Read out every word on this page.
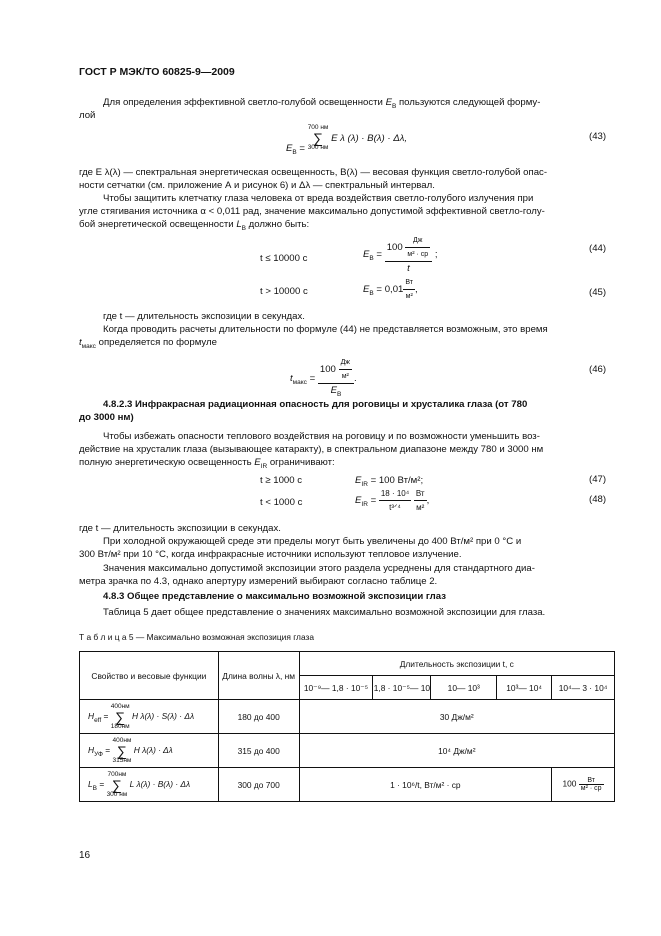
ГОСТ Р МЭК/ТО 60825-9—2009
Для определения эффективной светло-голубой освещенности $E_B$ пользуются следующей форму-
лой
$E_B$ =
700 нм
∑
300 нм
E λ (λ) · B(λ) · Δλ,	(43)
где E λ(λ) — спектральная энергетическая освещенность, B(λ) — весовая функция светло-голубой опас-
ности сетчатки (см. приложение А и рисунок 6) и Δλ — спектральный интервал.
Чтобы защитить клетчатку глаза человека от вреда воздействия светло-голубого излучения при
угле стягивания источника α < 0,011 рад, значение максимально допустимой эффективной светло-голу-
бой энергетической освещенности $L_B$ должно быть:
t ≤ 10000 с	$E_B = \frac{100 \frac{Дж}{\text{м² · ср}}}{t}$ ;
(44)
t > 10000 с	$E_B = 0,01 \frac{Вт}{\text{м²}}$ ,	(45)
где t — длительность экспозиции в секундах.
Когда проводить расчеты длительности по формуле (44) не представляется возможным, это время
$t_{макс}$ определяется по формуле
$t_{макс} = \frac{100 \frac{Дж}{\text{м²}}}{E_B}$ .
(46)
4.8.2.3 Инфракрасная радиационная опасность для роговицы и хрусталика глаза (от 780
до 3000 нм)
Чтобы избежать опасности теплового воздействия на роговицу и по возможности уменьшить воз-
действие на хрусталик глаза (вызывающее катаракту), в спектральном диапазоне между 780 и 3000 нм
полную энергетическую освещенность $E_{IR}$ ограничивают:
t ≥ 1000 с	$E_{IR} = 100$ Вт/м²;	(47)
t < 1000 с	$E_{IR} = \frac{\text{18 · 10⁴}}{\text{t³ᐟ⁴}}$
$\frac{Вт}{\text{м²}}$ ,	(48)
где t — длительность экспозиции в секундах.
При холодной окружающей среде эти пределы могут быть увеличены до 400 Вт/м² при 0 °С и
300 Вт/м² при 10 °С, когда инфракрасные источники используют тепловое излучение.
Значения максимально допустимой экспозиции этого раздела усреднены для стандартного диа-
метра зрачка по 4.3, однако апертуру измерений выбирают согласно таблице 2.
4.8.3 Общее представление о максимально возможной экспозиции глаз
Таблица 5 дает общее представление о значениях максимально возможной экспозиции для глаза.
Т а б л и ц а 5 — Максимально возможная экспозиция глаза
Свойство и весовые функции	Длина волны λ, нм	Длительность экспозиции t, с				
		10⁻⁹— 1,8 · 10⁻⁵	1,8 · 10⁻⁵— 10	10— 10³	10³— 10⁴	10⁴— 3 · 10⁴
$H_{eff}$ =
400нм
∑
180нм
H λ(λ) · S(λ) · Δλ	180 до 400	30 Дж/м²				
$H_{УФ}$ =
400нм
∑
315нм
H λ(λ) · Δλ	315 до 400	10⁴ Дж/м²				
$L_B$ =
700нм
∑
300 нм
L λ(λ) · B(λ) · Δλ	300 до 700	1 · 10⁶/t, Вт/м² · ср				$100 \frac{Вт}{\text{м² · ср}}$
16
